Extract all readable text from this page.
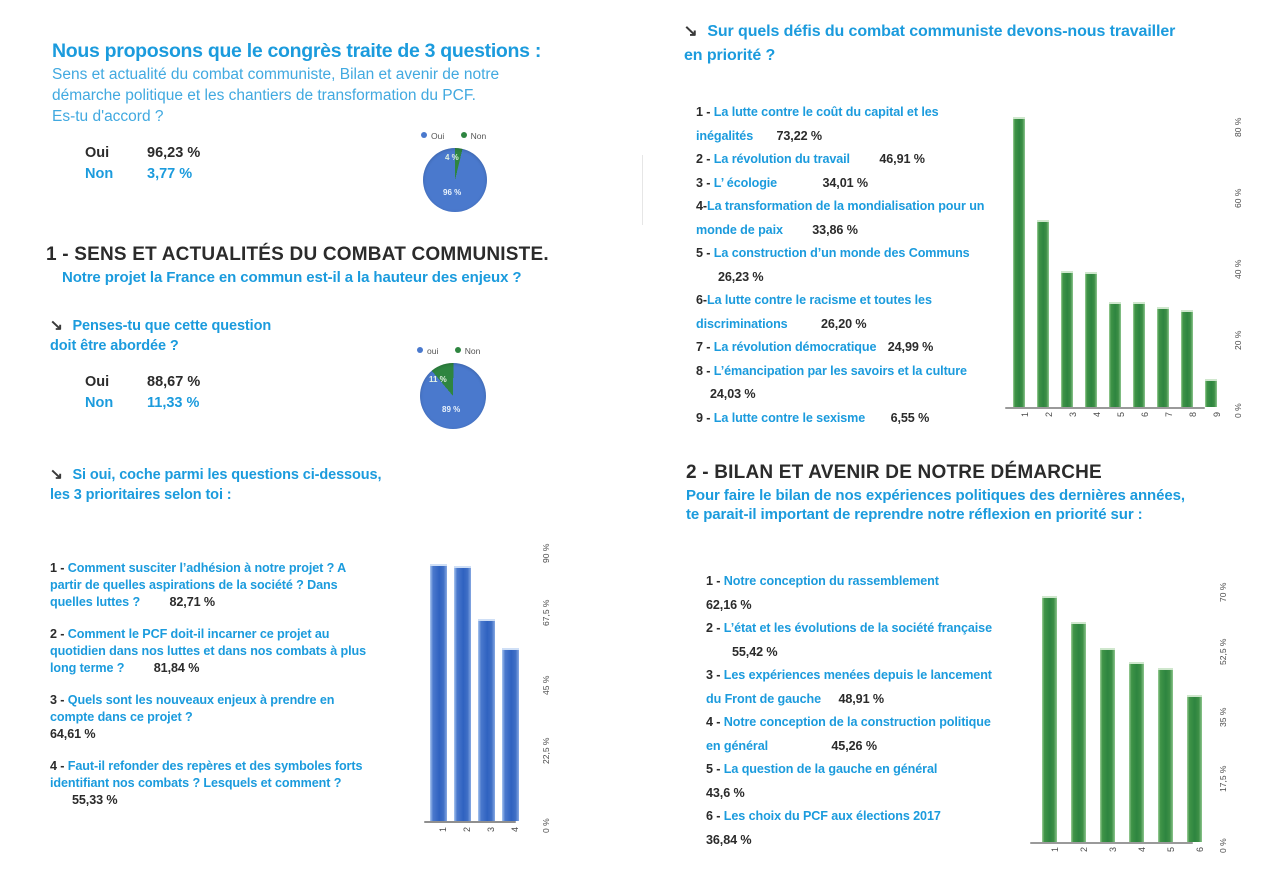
Nous proposons que le congrès traite de 3 questions :
Sens et actualité du combat communiste, Bilan et avenir de notre
démarche politique et les chantiers de transformation du PCF.
Es-tu d'accord ?
Oui	Non
96 %
4 %
Oui	96,23 %
Non 3,77 %
1 - SENS ET ACTUALITÉS DU COMBAT COMMUNISTE.
Notre projet la France en commun est-il a la hauteur des enjeux ?
↘ Penses-tu que cette question
doit être abordée ?	oui	Non
89 %
11 %
Oui	88,67 %
Non 11,33 %
↘ Si oui, coche parmi les questions ci-dessous,
les 3 prioritaires selon toi :
1 - Comment susciter l’adhésion à notre projet ? A partir de quelles aspirations de la société ? Dans quelles luttes ? 82,71 %
2 - Comment le PCF doit-il incarner ce projet au quotidien dans nos luttes et dans nos combats à plus long terme ? 81,84 %
3 - Quels sont les nouveaux enjeux à prendre en compte dans ce projet ?
64,61 %
4 - Faut-il refonder des repères et des symboles forts identifiant nos combats ? Lesquels et comment ? 55,33 %
1 2 3 4 0 %
22,5 %
45 %
67,5 %
90 %
↘ Sur quels défis du combat communiste devons-nous travailler
en priorité ?
1 - La lutte contre le coût du capital et les inégalités 73,22 %
2 - La révolution du travail 46,91 %
3 - L’ écologie	34,01 %
4-La transformation de la mondialisation pour un monde de paix 33,86 %
5 - La construction d’un monde des Communs 26,23 %
6-La lutte contre le racisme et toutes les discriminations	26,20 %
7 - La révolution démocratique 24,99 %
8 - L’émancipation par les savoirs et la culture 24,03 %
9 - La lutte contre le sexisme 6,55 %	1 2 3 4 5 6 7 8 9 0 %
20 %
40 %
60 %
80 %
2 - BILAN ET AVENIR DE NOTRE DÉMARCHE
Pour faire le bilan de nos expériences politiques des dernières années,
te parait-il important de reprendre notre réflexion en priorité sur :
1 - Notre conception du rassemblement
62,16 %
2 - L’état et les évolutions de la société française 55,42 %
3 - Les expériences menées depuis le lancement du Front de gauche 48,91 %
4 - Notre conception de la construction politique en général	45,26 %
5 - La question de la gauche en général
43,6 %
6 - Les choix du PCF aux élections 2017
36,84 %
1 2 3 4 5 6 0 %
17,5 %
35 %
52,5 %
70 %
